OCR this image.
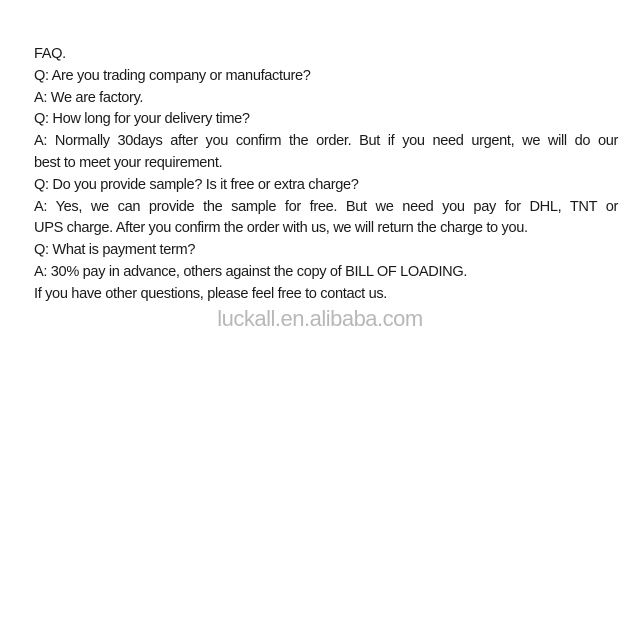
FAQ.
Q: Are you trading company or manufacture?
A: We are factory.
Q: How long for your delivery time?
A: Normally 30days after you confirm the order. But if you need urgent, we will do our
best to meet your requirement.
Q: Do you provide sample? Is it free or extra charge?
A: Yes, we can provide the sample for free. But we need you pay for DHL, TNT or
UPS charge. After you confirm the order with us, we will return the charge to you.
Q: What is payment term?
A: 30% pay in advance, others against the copy of BILL OF LOADING.
If you have other questions, please feel free to contact us.
luckall.en.alibaba.com
